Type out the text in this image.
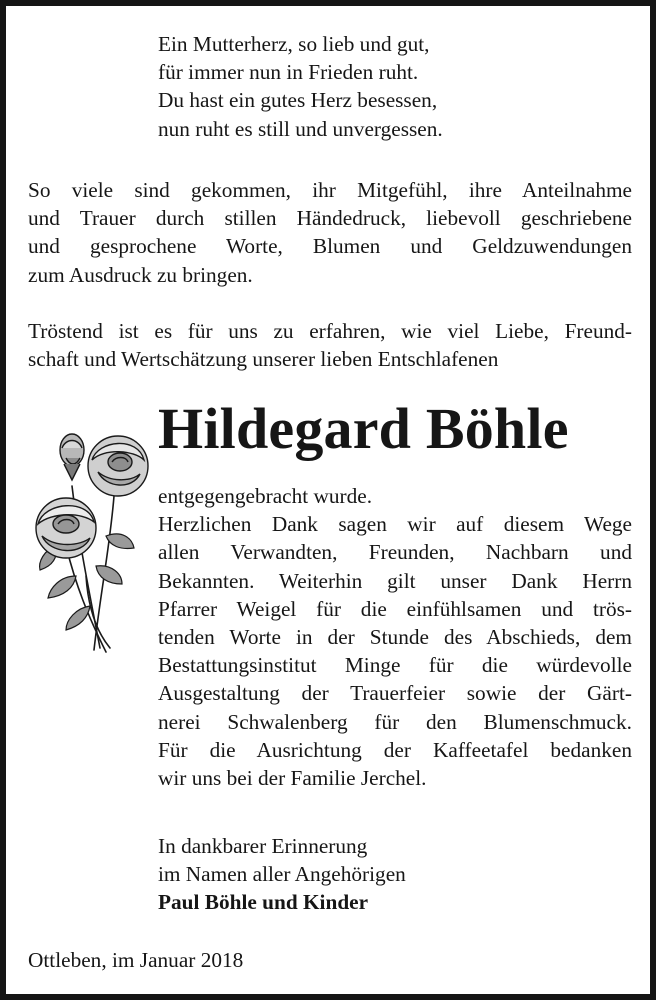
Ein Mutterherz, so lieb und gut,
für immer nun in Frieden ruht.
Du hast ein gutes Herz besessen,
nun ruht es still und unvergessen.
So viele sind gekommen, ihr Mitgefühl, ihre Anteilnahme
und Trauer durch stillen Händedruck, liebevoll geschriebene
und gesprochene Worte, Blumen und Geldzuwendungen
zum Ausdruck zu bringen.
Tröstend ist es für uns zu erfahren, wie viel Liebe, Freund-
schaft und Wertschätzung unserer lieben Entschlafenen
Hildegard Böhle
entgegengebracht wurde.
Herzlichen Dank sagen wir auf diesem Wege
allen Verwandten, Freunden, Nachbarn und
Bekannten. Weiterhin gilt unser Dank Herrn
Pfarrer Weigel für die einfühlsamen und trös-
tenden Worte in der Stunde des Abschieds, dem
Bestattungsinstitut Minge für die würdevolle
Ausgestaltung der Trauerfeier sowie der Gärt-
nerei Schwalenberg für den Blumenschmuck.
Für die Ausrichtung der Kaffeetafel bedanken
wir uns bei der Familie Jerchel.
In dankbarer Erinnerung
im Namen aller Angehörigen
Paul Böhle und Kinder
Ottleben, im Januar 2018
